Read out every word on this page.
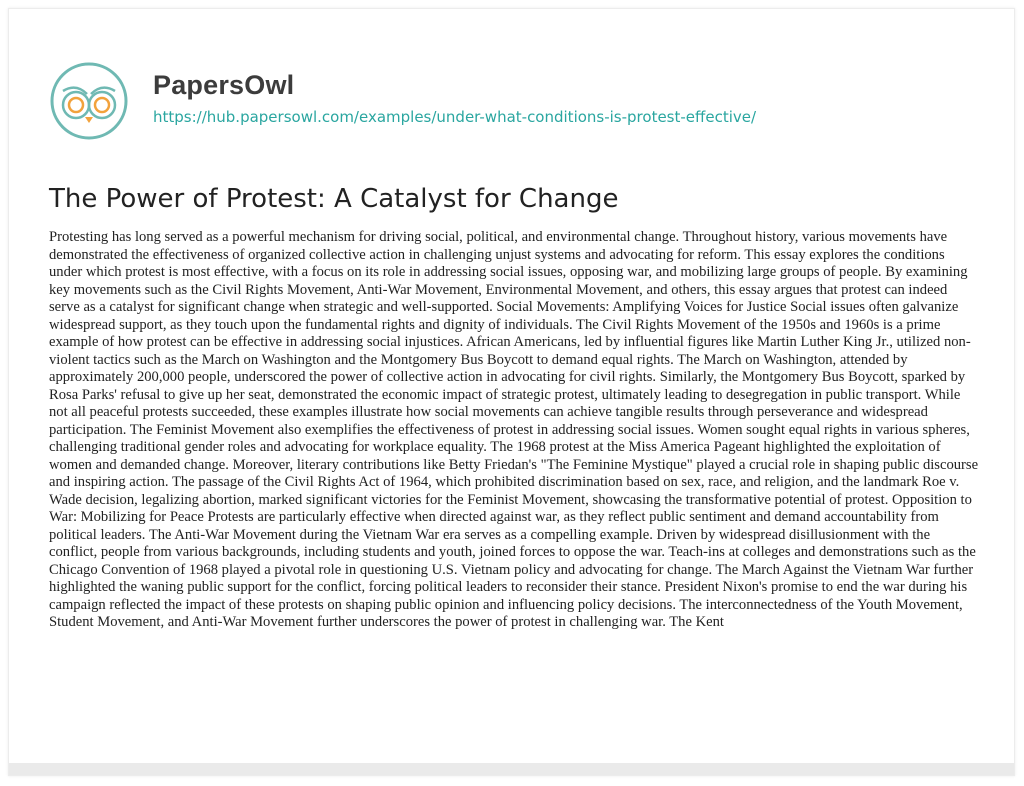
PapersOwl
https://hub.papersowl.com/examples/under-what-conditions-is-protest-effective/
The Power of Protest: A Catalyst for Change

Protesting has long served as a powerful mechanism for driving social, political, and environmental change. Throughout history, various movements have demonstrated the effectiveness of organized collective action in challenging unjust systems and advocating for reform. This essay explores the conditions under which protest is most effective, with a focus on its role in addressing social issues, opposing war, and mobilizing large groups of people. By examining key movements such as the Civil Rights Movement, Anti-War Movement, Environmental Movement, and others, this essay argues that protest can indeed serve as a catalyst for significant change when strategic and well-supported. Social Movements: Amplifying Voices for Justice Social issues often galvanize widespread support, as they touch upon the fundamental rights and dignity of individuals. The Civil Rights Movement of the 1950s and 1960s is a prime example of how protest can be effective in addressing social injustices. African Americans, led by influential figures like Martin Luther King Jr., utilized non-violent tactics such as the March on Washington and the Montgomery Bus Boycott to demand equal rights. The March on Washington, attended by approximately 200,000 people, underscored the power of collective action in advocating for civil rights. Similarly, the Montgomery Bus Boycott, sparked by Rosa Parks' refusal to give up her seat, demonstrated the economic impact of strategic protest, ultimately leading to desegregation in public transport. While not all peaceful protests succeeded, these examples illustrate how social movements can achieve tangible results through perseverance and widespread participation. The Feminist Movement also exemplifies the effectiveness of protest in addressing social issues. Women sought equal rights in various spheres, challenging traditional gender roles and advocating for workplace equality. The 1968 protest at the Miss America Pageant highlighted the exploitation of women and demanded change. Moreover, literary contributions like Betty Friedan's "The Feminine Mystique" played a crucial role in shaping public discourse and inspiring action. The passage of the Civil Rights Act of 1964, which prohibited discrimination based on sex, race, and religion, and the landmark Roe v. Wade decision, legalizing abortion, marked significant victories for the Feminist Movement, showcasing the transformative potential of protest. Opposition to War: Mobilizing for Peace Protests are particularly effective when directed against war, as they reflect public sentiment and demand accountability from political leaders. The Anti-War Movement during the Vietnam War era serves as a compelling example. Driven by widespread disillusionment with the conflict, people from various backgrounds, including students and youth, joined forces to oppose the war. Teach-ins at colleges and demonstrations such as the Chicago Convention of 1968 played a pivotal role in questioning U.S. Vietnam policy and advocating for change. The March Against the Vietnam War further highlighted the waning public support for the conflict, forcing political leaders to reconsider their stance. President Nixon's promise to end the war during his campaign reflected the impact of these protests on shaping public opinion and influencing policy decisions. The interconnectedness of the Youth Movement, Student Movement, and Anti-War Movement further underscores the power of protest in challenging war. The Kent
